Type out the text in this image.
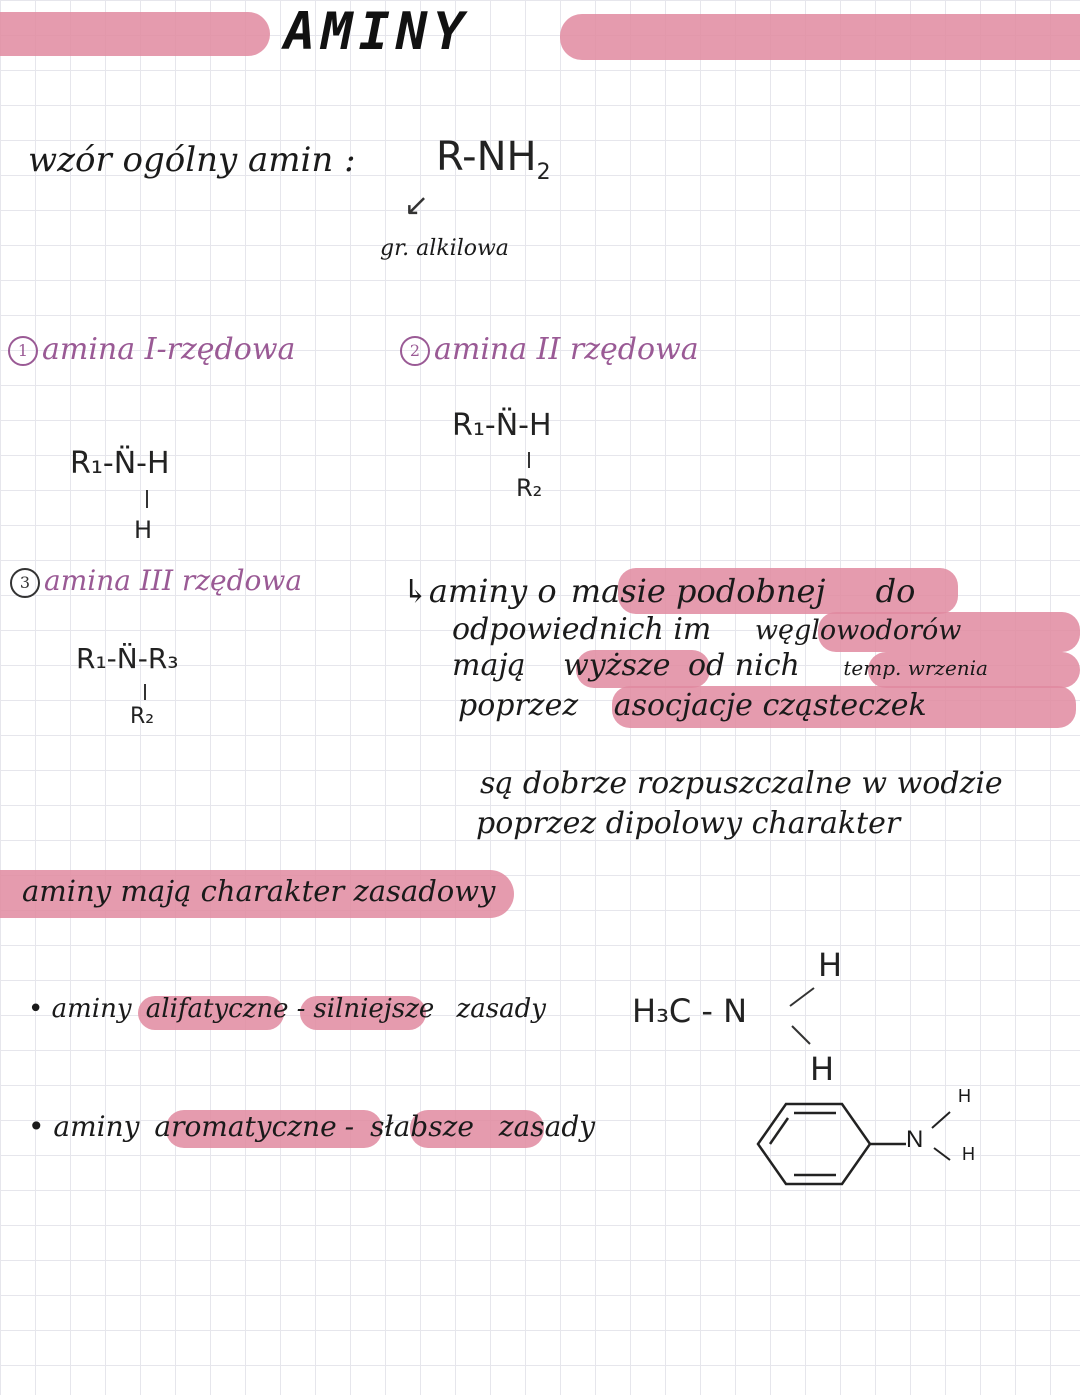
AMINY
wzór ogólny amin : $R-NH_2$
↙
gr. alkilowa
1 amina I-rzędowa
R₁-N̈-H
H
2 amina II rzędowa
R₁-N̈-H
R₂
3 amina III rzędowa
R₁-N̈-R₃
R₂
↳aminy o masie podobnej do
odpowiednich im węglowodorów
mają wyższe od nich temp. wrzenia
poprzez asocjacje cząsteczek
są dobrze rozpuszczalne w wodzie
poprzez dipolowy charakter
aminy mają charakter zasadowy
• aminy alifatyczne - silniejsze zasady	H₃C - N
H
H
• aminy aromatyczne - słabsze zasady	N
H
H
